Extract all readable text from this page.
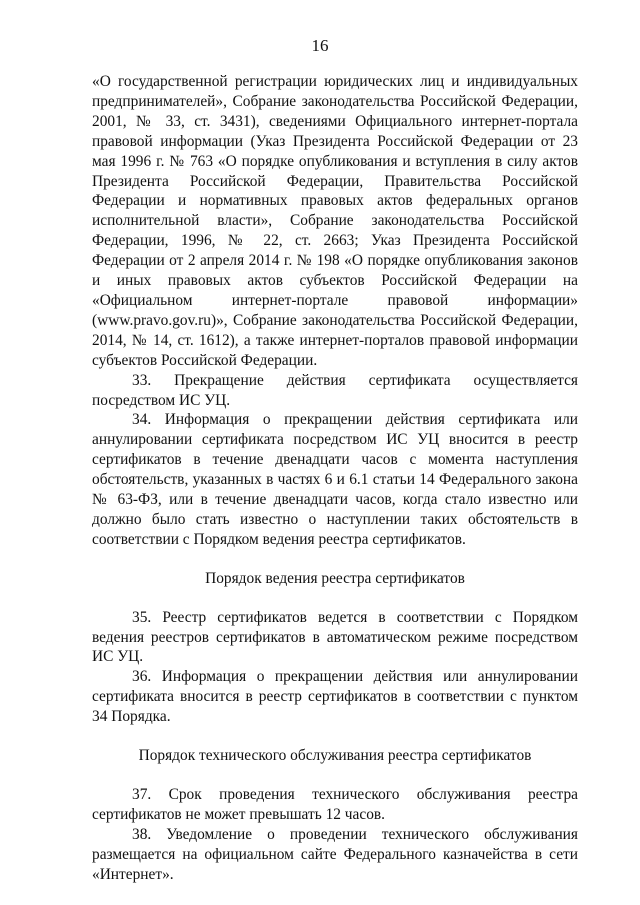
16

«О государственной регистрации юридических лиц и индивидуальных предпринимателей», Собрание законодательства Российской Федерации, 2001, № 33, ст. 3431), сведениями Официального интернет-портала правовой информации (Указ Президента Российской Федерации от 23 мая 1996 г. № 763 «О порядке опубликования и вступления в силу актов Президента Российской Федерации, Правительства Российской Федерации и нормативных правовых актов федеральных органов исполнительной власти», Собрание законодательства Российской Федерации, 1996, № 22, ст. 2663; Указ Президента Российской Федерации от 2 апреля 2014 г. № 198 «О порядке опубликования законов и иных правовых актов субъектов Российской Федерации на «Официальном интернет-портале правовой информации» (www.pravo.gov.ru)», Собрание законодательства Российской Федерации, 2014, № 14, ст. 1612), а также интернет-порталов правовой информации субъектов Российской Федерации.

33. Прекращение действия сертификата осуществляется посредством ИС УЦ.

34. Информация о прекращении действия сертификата или аннулировании сертификата посредством ИС УЦ вносится в реестр сертификатов в течение двенадцати часов с момента наступления обстоятельств, указанных в частях 6 и 6.1 статьи 14 Федерального закона № 63-ФЗ, или в течение двенадцати часов, когда стало известно или должно было стать известно о наступлении таких обстоятельств в соответствии с Порядком ведения реестра сертификатов.

Порядок ведения реестра сертификатов

35. Реестр сертификатов ведется в соответствии с Порядком ведения реестров сертификатов в автоматическом режиме посредством ИС УЦ.

36. Информация о прекращении действия или аннулировании сертификата вносится в реестр сертификатов в соответствии с пунктом 34 Порядка.

Порядок технического обслуживания реестра сертификатов

37. Срок проведения технического обслуживания реестра сертификатов не может превышать 12 часов.

38. Уведомление о проведении технического обслуживания размещается на официальном сайте Федерального казначейства в сети «Интернет».
